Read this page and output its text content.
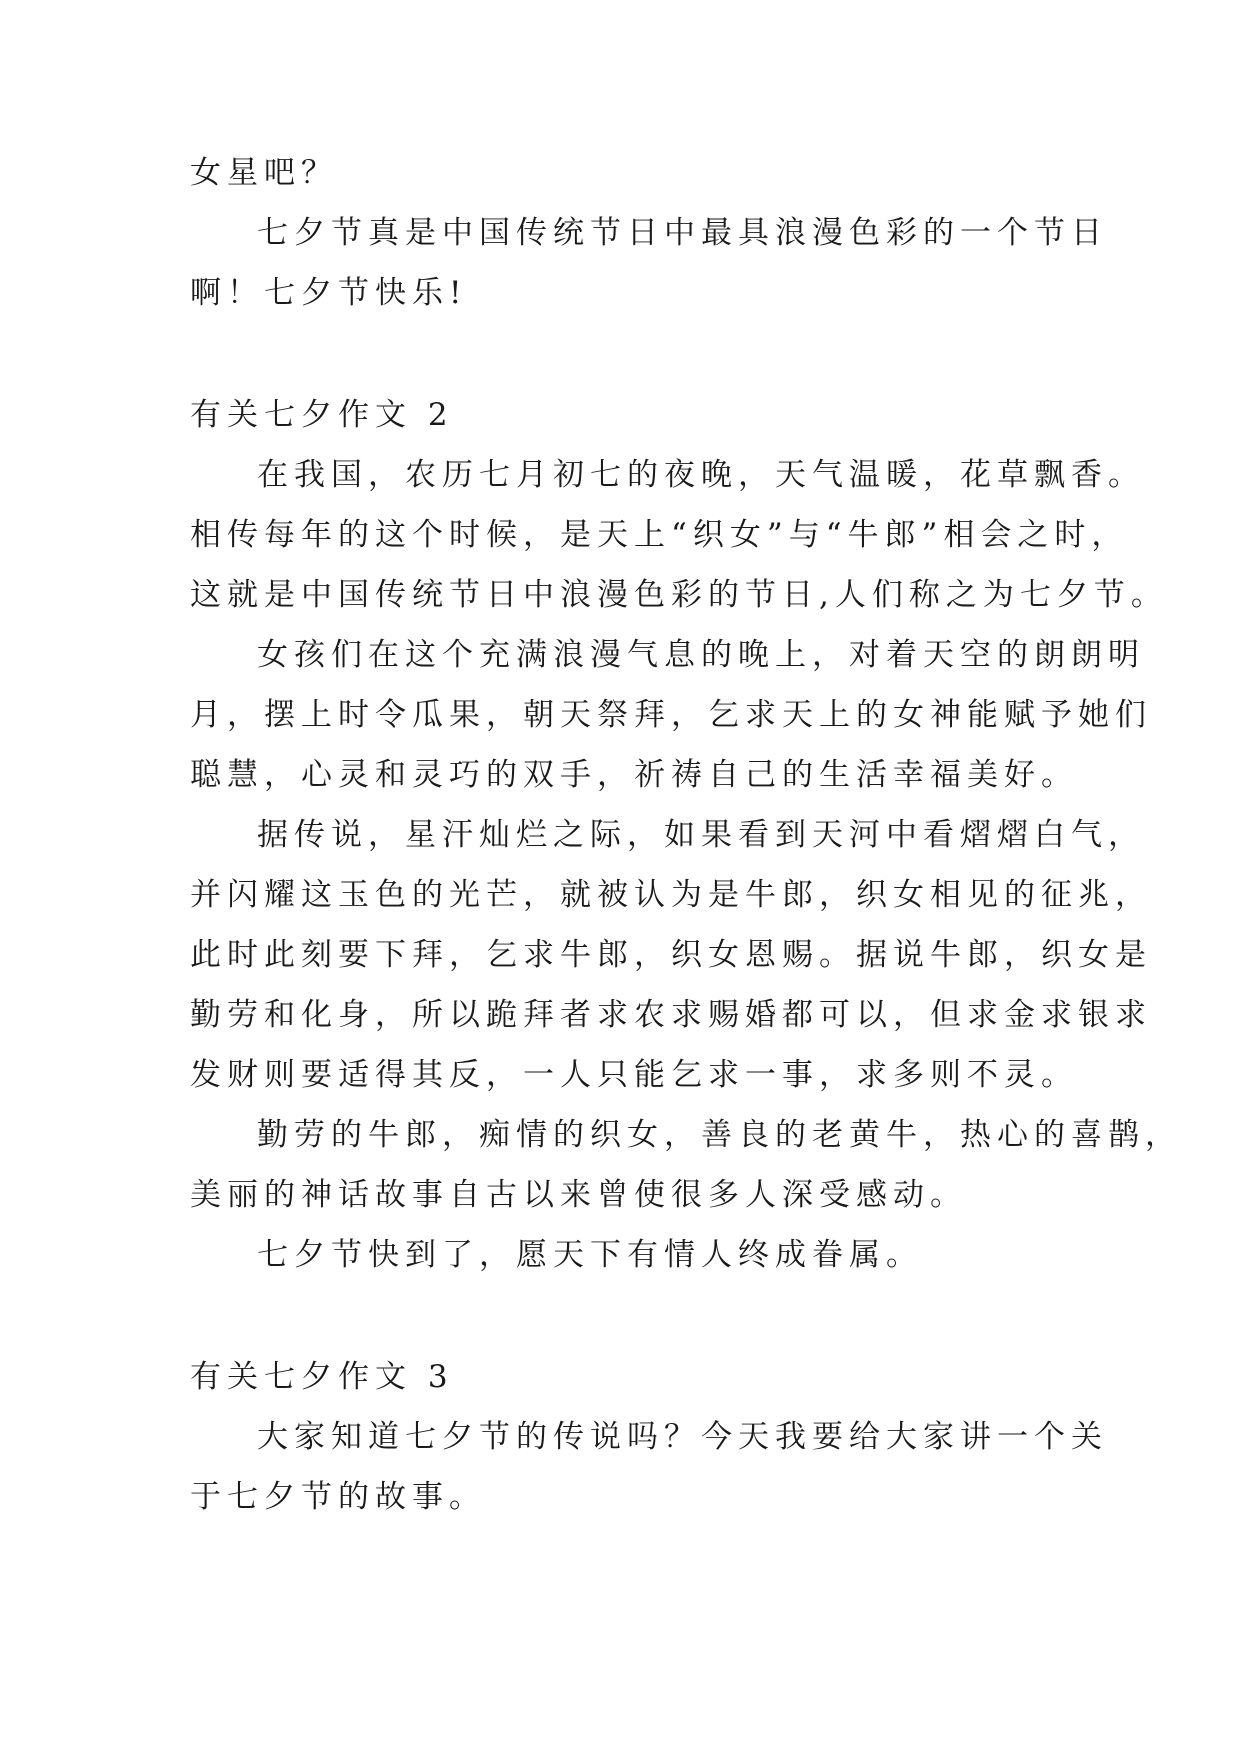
女星吧？
七夕节真是中国传统节日中最具浪漫色彩的一个节日
啊！七夕节快乐!
有关七夕作文 2
在我国，农历七月初七的夜晚，天气温暖，花草飘香。
相传每年的这个时候，是天上“织女”与“牛郎”相会之时，
这就是中国传统节日中浪漫色彩的节日,人们称之为七夕节。
女孩们在这个充满浪漫气息的晚上，对着天空的朗朗明
月，摆上时令瓜果，朝天祭拜，乞求天上的女神能赋予她们
聪慧，心灵和灵巧的双手，祈祷自己的生活幸福美好。
据传说，星汗灿烂之际，如果看到天河中看熠熠白气，
并闪耀这玉色的光芒，就被认为是牛郎，织女相见的征兆，
此时此刻要下拜，乞求牛郎，织女恩赐。据说牛郎，织女是
勤劳和化身，所以跪拜者求农求赐婚都可以，但求金求银求
发财则要适得其反，一人只能乞求一事，求多则不灵。
勤劳的牛郎，痴情的织女，善良的老黄牛，热心的喜鹊，
美丽的神话故事自古以来曾使很多人深受感动。
七夕节快到了，愿天下有情人终成眷属。
有关七夕作文 3
大家知道七夕节的传说吗？今天我要给大家讲一个关
于七夕节的故事。
